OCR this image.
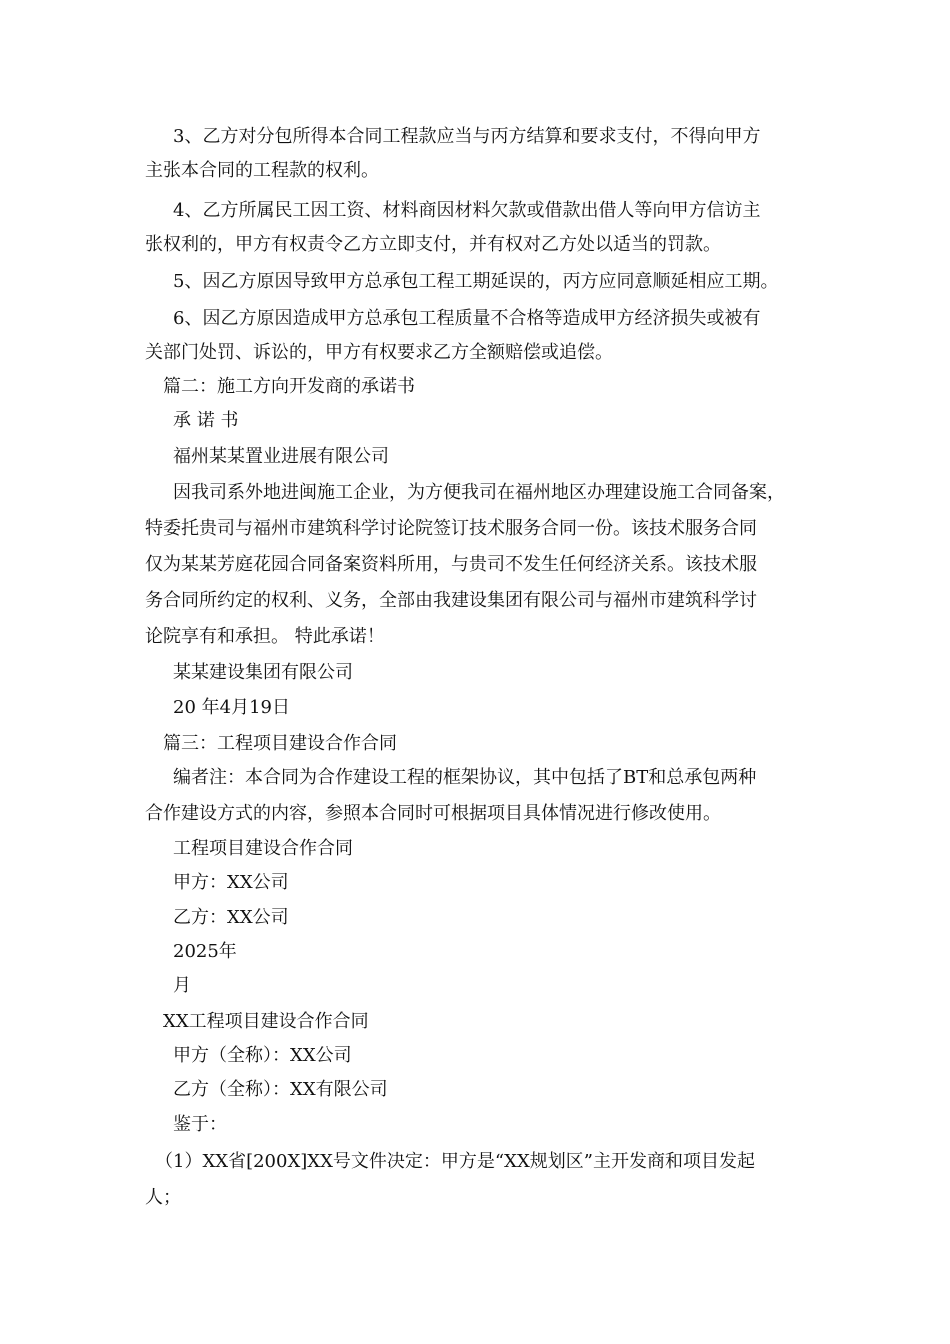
3、乙方对分包所得本合同工程款应当与丙方结算和要求支付，不得向甲方
主张本合同的工程款的权利。
4、乙方所属民工因工资、材料商因材料欠款或借款出借人等向甲方信访主
张权利的，甲方有权责令乙方立即支付，并有权对乙方处以适当的罚款。
5、因乙方原因导致甲方总承包工程工期延误的，丙方应同意顺延相应工期。
6、因乙方原因造成甲方总承包工程质量不合格等造成甲方经济损失或被有
关部门处罚、诉讼的，甲方有权要求乙方全额赔偿或追偿。
篇二：施工方向开发商的承诺书
承 诺 书
福州某某置业进展有限公司
因我司系外地进闽施工企业，为方便我司在福州地区办理建设施工合同备案，
特委托贵司与福州市建筑科学讨论院签订技术服务合同一份。该技术服务合同
仅为某某芳庭花园合同备案资料所用，与贵司不发生任何经济关系。该技术服
务合同所约定的权利、义务，全部由我建设集团有限公司与福州市建筑科学讨
论院享有和承担。 特此承诺！
某某建设集团有限公司
20 年4月19日
篇三：工程项目建设合作合同
编者注：本合同为合作建设工程的框架协议，其中包括了BT和总承包两种
合作建设方式的内容，参照本合同时可根据项目具体情况进行修改使用。
工程项目建设合作合同
甲方：XX公司
乙方：XX公司
2025年
月
XX工程项目建设合作合同
甲方（全称）：XX公司
乙方（全称）：XX有限公司
鉴于：
（1）XX省[200X]XX号文件决定：甲方是“XX规划区”主开发商和项目发起
人；
